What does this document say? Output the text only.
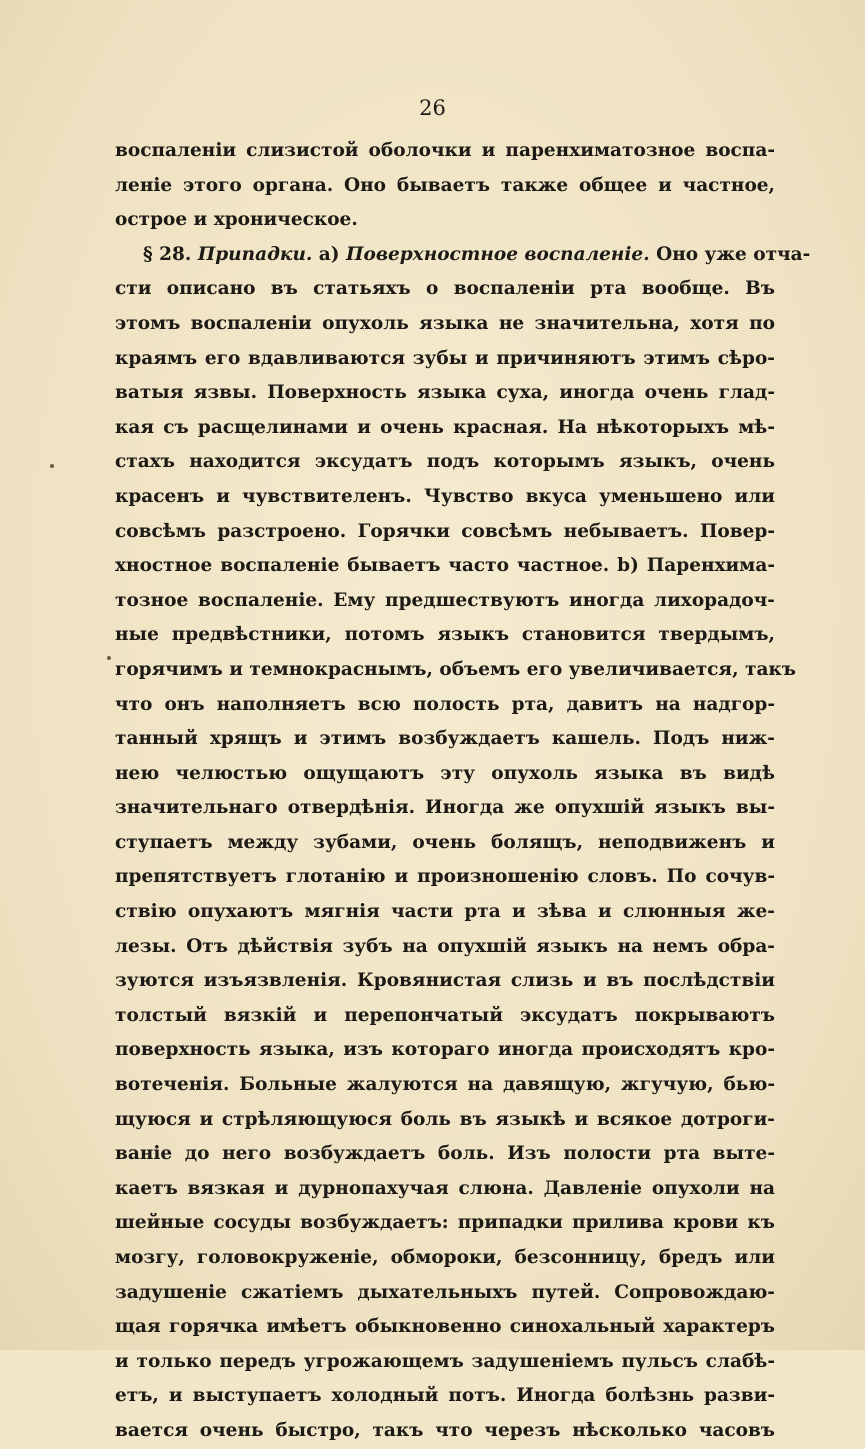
26
воспаленіи слизистой оболочки и паренхиматозное воспа-
леніе этого органа. Оно бываетъ также общее и частное,
острое и хроническое.
§ 28. Припадки. a) Поверхностное воспаленіе. Оно уже отча-
сти описано въ статьяхъ о воспаленіи рта вообще. Въ
этомъ воспаленіи опухоль языка не значительна, хотя по
краямъ его вдавливаются зубы и причиняютъ этимъ сѣро-
ватыя язвы. Поверхность языка суха, иногда очень глад-
кая съ расщелинами и очень красная. На нѣкоторыхъ мѣ-
стахъ находится эксудатъ подъ которымъ языкъ, очень
красенъ и чувствителенъ. Чувство вкуса уменьшено или
совсѣмъ разстроено. Горячки совсѣмъ небываетъ. Повер-
хностное воспаленіе бываетъ часто частное. b) Паренхима-
тозное воспаленіе. Ему предшествуютъ иногда лихорадоч-
ные предвѣстники, потомъ языкъ становится твердымъ,
горячимъ и темнокраснымъ, объемъ его увеличивается, такъ
что онъ наполняетъ всю полость рта, давитъ на надгор-
танный хрящъ и этимъ возбуждаетъ кашель. Подъ ниж-
нею челюстью ощущаютъ эту опухоль языка въ видѣ
значительнаго отвердѣнія. Иногда же опухшій языкъ вы-
ступаетъ между зубами, очень болящъ, неподвиженъ и
препятствуетъ глотанію и произношенію словъ. По сочув-
ствію опухаютъ мягнія части рта и зѣва и слюнныя же-
лезы. Отъ дѣйствія зубъ на опухшій языкъ на немъ обра-
зуются изъязвленія. Кровянистая слизь и въ послѣдствіи
толстый вязкій и перепончатый эксудатъ покрываютъ
поверхность языка, изъ котораго иногда происходятъ кро-
вотеченія. Больные жалуются на давящую, жгучую, бью-
щуюся и стрѣляющуюся боль въ языкѣ и всякое дотроги-
ваніе до него возбуждаетъ боль. Изъ полости рта выте-
каетъ вязкая и дурнопахучая слюна. Давленіе опухоли на
шейные сосуды возбуждаетъ: припадки прилива крови къ
мозгу, головокруженіе, обмороки, безсонницу, бредъ или
задушеніе сжатіемъ дыхательныхъ путей. Сопровождаю-
щая горячка имѣетъ обыкновенно синохальный характеръ
и только передъ угрожающемъ задушеніемъ пульсъ слабѣ-
етъ, и выступаетъ холодный потъ. Иногда болѣзнь разви-
вается очень быстро, такъ что черезъ нѣсколько часовъ
